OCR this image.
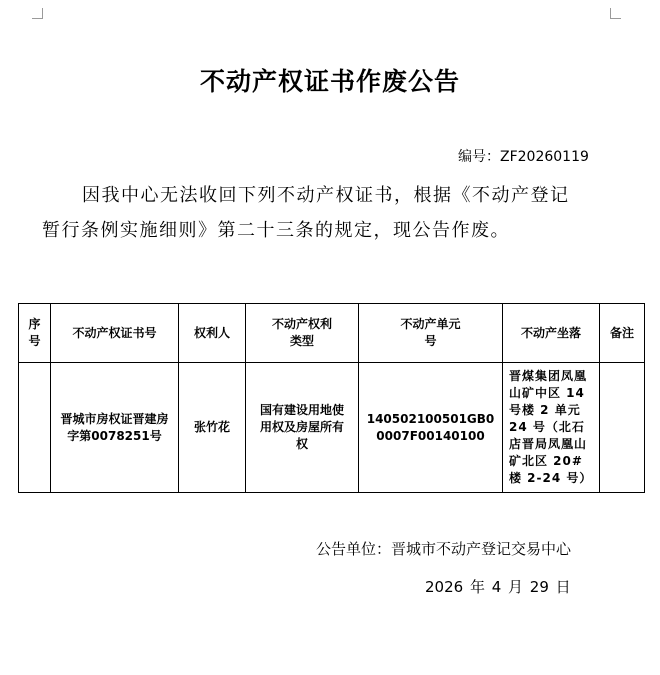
不动产权证书作废公告
编号：ZF20260119
因我中心无法收回下列不动产权证书，根据《不动产登记
暂行条例实施细则》第二十三条的规定，现公告作废。
序号	不动产权证书号	权利人	不动产权利类型	不动产单元号	不动产坐落	备注
	晋城市房权证晋建房字第0078251号	张竹花	国有建设用地使用权及房屋所有权	140502100501GB00007F00140100	晋煤集团凤凰山矿中区 14 号楼 2 单元 24 号（北石店晋局凤凰山矿北区 20#楼 2-24 号）	
公告单位：晋城市不动产登记交易中心
2026 年 4 月 29 日
